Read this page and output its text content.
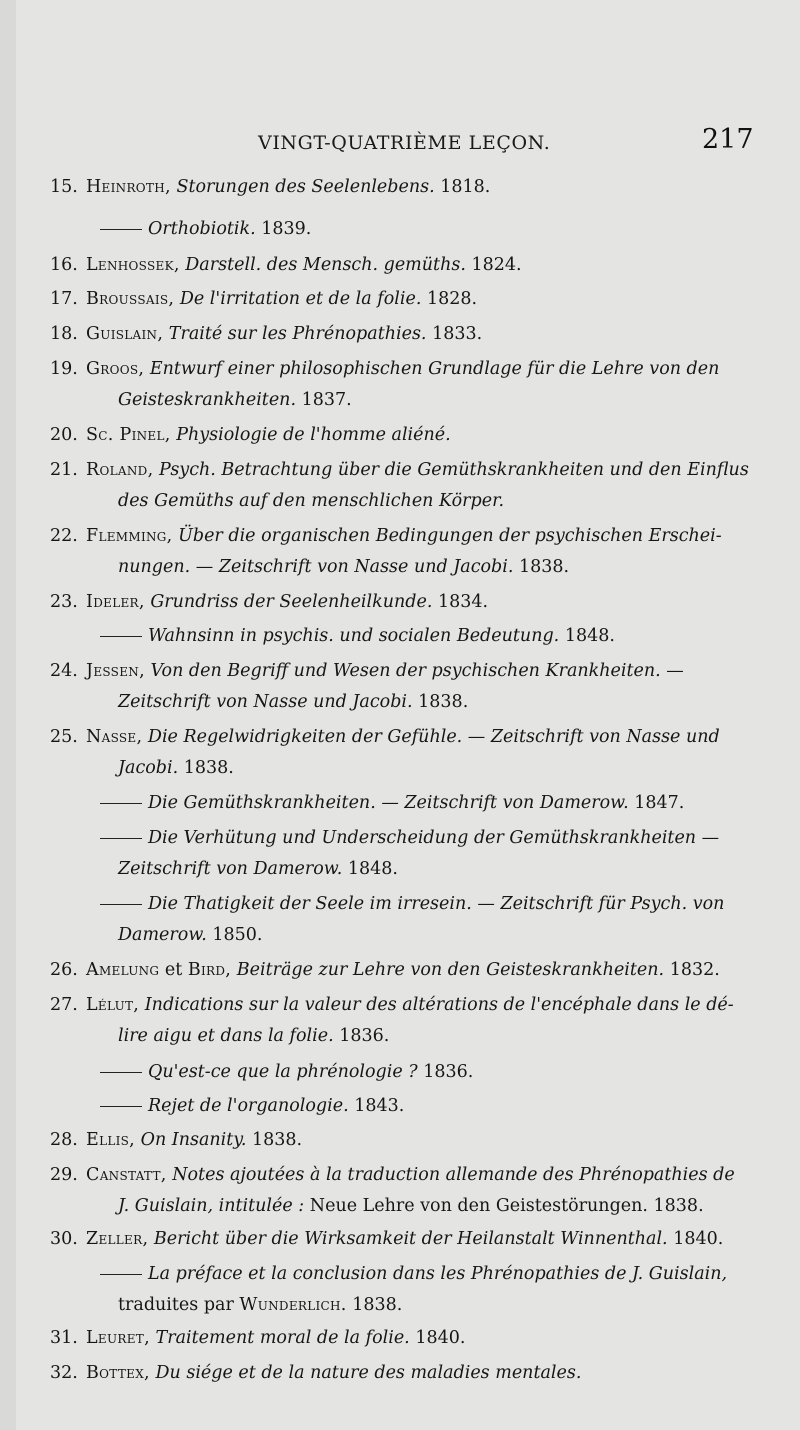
VINGT-QUATRIÈME LEÇON.	217
15. Heinroth, Storungen des Seelenlebens. 1818.
Orthobiotik. 1839.
16. Lenhossek, Darstell. des Mensch. gemüths. 1824.
17. Broussais, De l'irritation et de la folie. 1828.
18. Guislain, Traité sur les Phrénopathies. 1833.
19. Groos, Entwurf einer philosophischen Grundlage für die Lehre von den
Geisteskrankheiten. 1837.
20. Sc. Pinel, Physiologie de l'homme aliéné.
21. Roland, Psych. Betrachtung über die Gemüthskrankheiten und den Einflus
des Gemüths auf den menschlichen Körper.
22. Flemming, Über die organischen Bedingungen der psychischen Erschei-
nungen. — Zeitschrift von Nasse und Jacobi. 1838.
23. Ideler, Grundriss der Seelenheilkunde. 1834.
Wahnsinn in psychis. und socialen Bedeutung. 1848.
24. Jessen, Von den Begriff und Wesen der psychischen Krankheiten. —
Zeitschrift von Nasse und Jacobi. 1838.
25. Nasse, Die Regelwidrigkeiten der Gefühle. — Zeitschrift von Nasse und
Jacobi. 1838.
Die Gemüthskrankheiten. — Zeitschrift von Damerow. 1847.
Die Verhütung und Underscheidung der Gemüthskrankheiten —
Zeitschrift von Damerow. 1848.
Die Thatigkeit der Seele im irresein. — Zeitschrift für Psych. von
Damerow. 1850.
26. Amelung et Bird, Beiträge zur Lehre von den Geisteskrankheiten. 1832.
27. Lélut, Indications sur la valeur des altérations de l'encéphale dans le dé-
lire aigu et dans la folie. 1836.
Qu'est-ce que la phrénologie ? 1836.
Rejet de l'organologie. 1843.
28. Ellis, On Insanity. 1838.
29. Canstatt, Notes ajoutées à la traduction allemande des Phrénopathies de
J. Guislain, intitulée : Neue Lehre von den Geistestörungen. 1838.
30. Zeller, Bericht über die Wirksamkeit der Heilanstalt Winnenthal. 1840.
La préface et la conclusion dans les Phrénopathies de J. Guislain,
traduites par Wunderlich. 1838.
31. Leuret, Traitement moral de la folie. 1840.
32. Bottex, Du siége et de la nature des maladies mentales.
